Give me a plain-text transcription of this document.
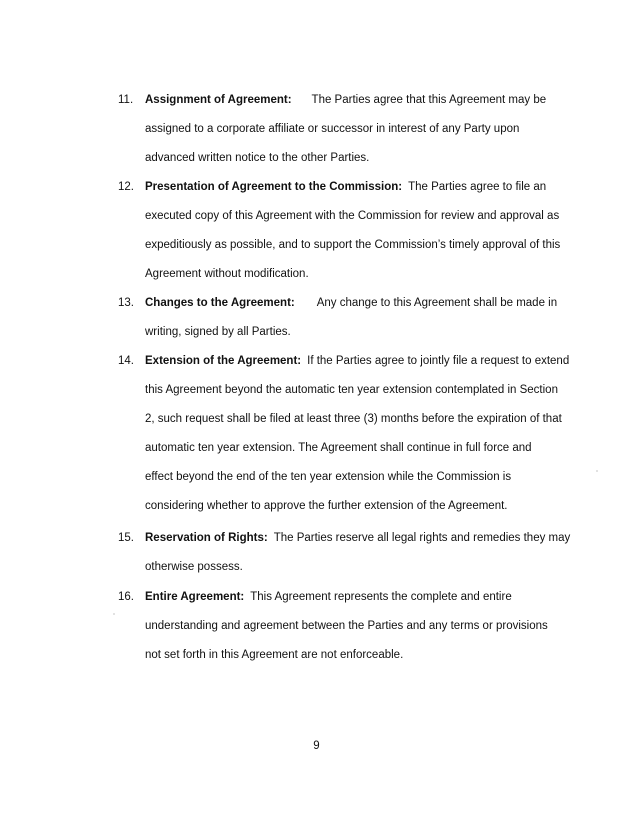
11.	Assignment of Agreement: The Parties agree that this Agreement may be
assigned to a corporate affiliate or successor in interest of any Party upon
advanced written notice to the other Parties.
12. Presentation of Agreement to the Commission: The Parties agree to file an
executed copy of this Agreement with the Commission for review and approval as
expeditiously as possible, and to support the Commission’s timely approval of this
Agreement without modification.
13. Changes to the Agreement: Any change to this Agreement shall be made in
writing, signed by all Parties.
14. Extension of the Agreement: If the Parties agree to jointly file a request to extend
this Agreement beyond the automatic ten year extension contemplated in Section
2, such request shall be filed at least three (3) months before the expiration of that
automatic ten year extension. The Agreement shall continue in full force and
effect beyond the end of the ten year extension while the Commission is
considering whether to approve the further extension of the Agreement.
15. Reservation of Rights: The Parties reserve all legal rights and remedies they may
otherwise possess.
16. Entire Agreement: This Agreement represents the complete and entire
understanding and agreement between the Parties and any terms or provisions
not set forth in this Agreement are not enforceable.
9
